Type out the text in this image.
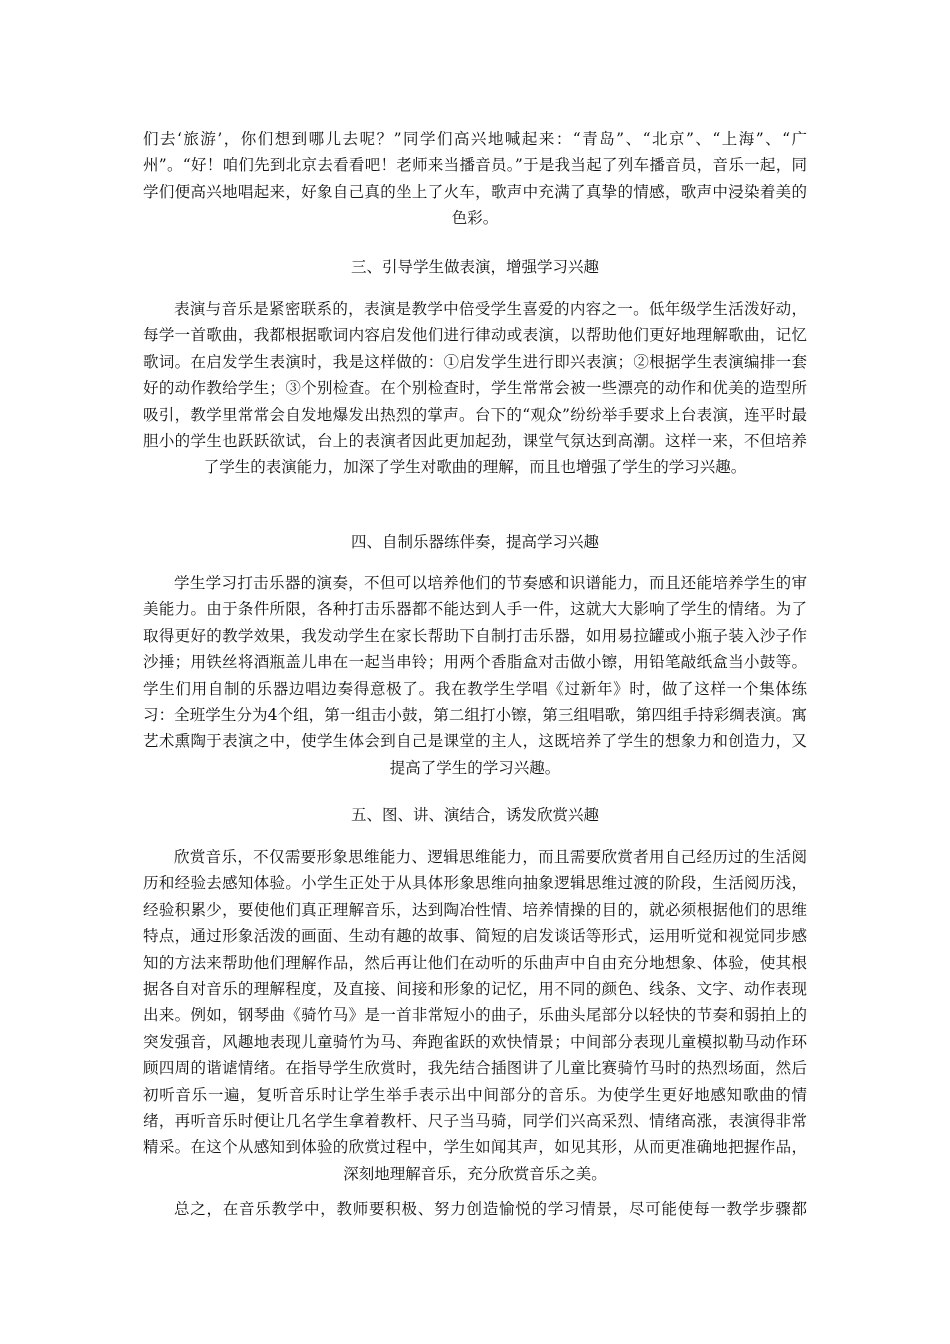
们去‘旅游’，你们想到哪儿去呢？”同学们高兴地喊起来：“青岛”、“北京”、“上海”、“广州”。“好！咱们先到北京去看看吧！老师来当播音员。”于是我当起了列车播音员，音乐一起，同学们便高兴地唱起来，好象自己真的坐上了火车，歌声中充满了真挚的情感，歌声中浸染着美的色彩。
三、引导学生做表演，增强学习兴趣
表演与音乐是紧密联系的，表演是教学中倍受学生喜爱的内容之一。低年级学生活泼好动，每学一首歌曲，我都根据歌词内容启发他们进行律动或表演，以帮助他们更好地理解歌曲，记忆歌词。在启发学生表演时，我是这样做的：①启发学生进行即兴表演；②根据学生表演编排一套好的动作教给学生；③个别检查。在个别检查时，学生常常会被一些漂亮的动作和优美的造型所吸引，教学里常常会自发地爆发出热烈的掌声。台下的“观众”纷纷举手要求上台表演，连平时最胆小的学生也跃跃欲试，台上的表演者因此更加起劲，课堂气氛达到高潮。这样一来，不但培养了学生的表演能力，加深了学生对歌曲的理解，而且也增强了学生的学习兴趣。
四、自制乐器练伴奏，提高学习兴趣
学生学习打击乐器的演奏，不但可以培养他们的节奏感和识谱能力，而且还能培养学生的审美能力。由于条件所限，各种打击乐器都不能达到人手一件，这就大大影响了学生的情绪。为了取得更好的教学效果，我发动学生在家长帮助下自制打击乐器，如用易拉罐或小瓶子装入沙子作沙捶；用铁丝将酒瓶盖儿串在一起当串铃；用两个香脂盒对击做小镲，用铅笔敲纸盒当小鼓等。学生们用自制的乐器边唱边奏得意极了。我在教学生学唱《过新年》时，做了这样一个集体练习：全班学生分为4个组，第一组击小鼓，第二组打小镲，第三组唱歌，第四组手持彩绸表演。寓艺术熏陶于表演之中，使学生体会到自己是课堂的主人，这既培养了学生的想象力和创造力，又提高了学生的学习兴趣。
五、图、讲、演结合，诱发欣赏兴趣
欣赏音乐，不仅需要形象思维能力、逻辑思维能力，而且需要欣赏者用自己经历过的生活阅历和经验去感知体验。小学生正处于从具体形象思维向抽象逻辑思维过渡的阶段，生活阅历浅，经验积累少，要使他们真正理解音乐，达到陶冶性情、培养情操的目的，就必须根据他们的思维特点，通过形象活泼的画面、生动有趣的故事、简短的启发谈话等形式，运用听觉和视觉同步感知的方法来帮助他们理解作品，然后再让他们在动听的乐曲声中自由充分地想象、体验，使其根据各自对音乐的理解程度，及直接、间接和形象的记忆，用不同的颜色、线条、文字、动作表现出来。例如，钢琴曲《骑竹马》是一首非常短小的曲子，乐曲头尾部分以轻快的节奏和弱拍上的突发强音，风趣地表现儿童骑竹为马、奔跑雀跃的欢快情景；中间部分表现儿童模拟勒马动作环顾四周的谐谑情绪。在指导学生欣赏时，我先结合插图讲了儿童比赛骑竹马时的热烈场面，然后初听音乐一遍，复听音乐时让学生举手表示出中间部分的音乐。为使学生更好地感知歌曲的情绪，再听音乐时便让几名学生拿着教杆、尺子当马骑，同学们兴高采烈、情绪高涨，表演得非常精采。在这个从感知到体验的欣赏过程中，学生如闻其声，如见其形，从而更准确地把握作品，深刻地理解音乐，充分欣赏音乐之美。
总之，在音乐教学中，教师要积极、努力创造愉悦的学习情景，尽可能使每一教学步骤都
